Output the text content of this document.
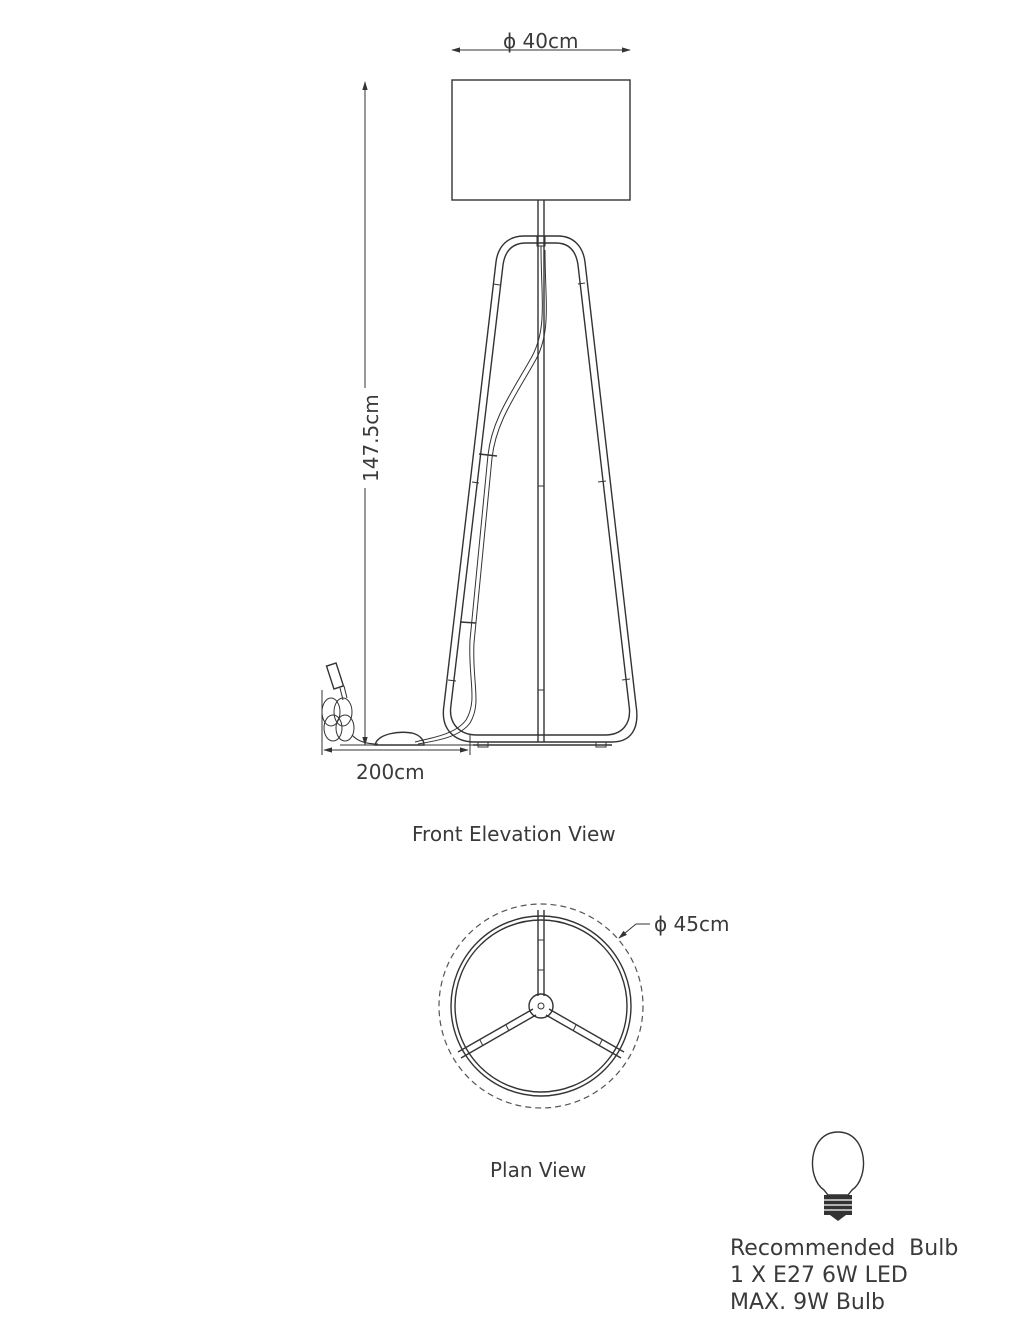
ϕ 40cm
147.5cm
200cm
Front Elevation View
ϕ 45cm
Plan View
Recommended  Bulb
1 X E27 6W LED
MAX. 9W Bulb
